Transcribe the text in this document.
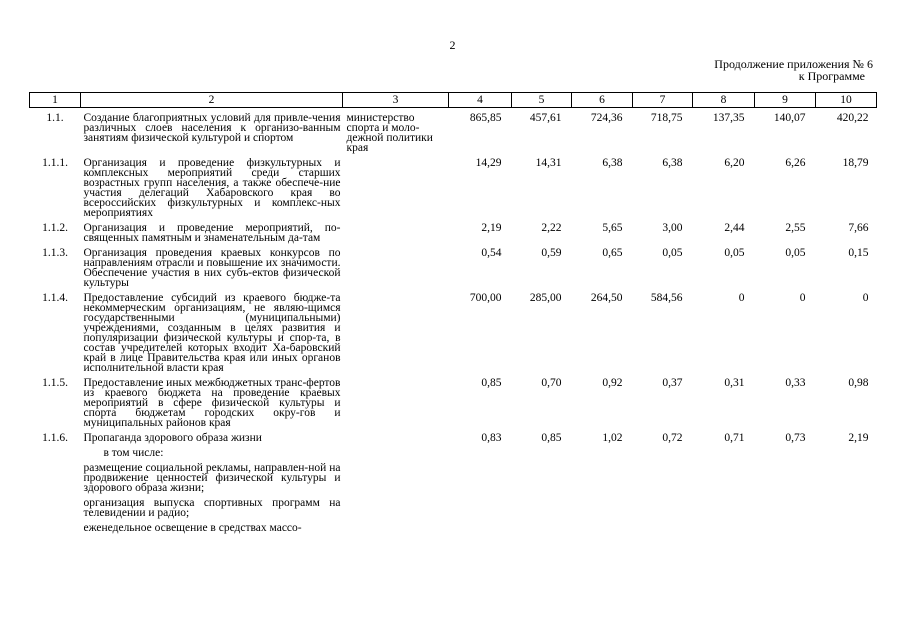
2
Продолжение приложения № 6
к Программе
1	2	3	4	5	6	7	8	9	10
1.1.	Создание благоприятных условий для привле-чения различных слоев населения к организо-ванным занятиям физической культурой и спортом	министерство спорта и моло-дежной политики края	865,85	457,61	724,36	718,75	137,35	140,07	420,22
1.1.1.	Организация и проведение физкультурных и комплексных мероприятий среди старших возрастных групп населения, а также обеспече-ние участия делегаций Хабаровского края во всероссийских физкультурных и комплекс-ных мероприятиях		14,29	14,31	6,38	6,38	6,20	6,26	18,79
1.1.2.	Организация и проведение мероприятий, по-священных памятным и знаменательным да-там		2,19	2,22	5,65	3,00	2,44	2,55	7,66
1.1.3.	Организация проведения краевых конкурсов по направлениям отрасли и повышение их значимости. Обеспечение участия в них субъ-ектов физической культуры		0,54	0,59	0,65	0,05	0,05	0,05	0,15
1.1.4.	Предоставление субсидий из краевого бюдже-та некоммерческим организациям, не являю-щимся государственными (муниципальными) учреждениями, созданным в целях развития и популяризации физической культуры и спор-та, в состав учредителей которых входит Ха-баровский край в лице Правительства края или иных органов исполнительной власти края		700,00	285,00	264,50	584,56	0	0	0
1.1.5.	Предоставление иных межбюджетных транс-фертов из краевого бюджета на проведение краевых мероприятий в сфере физической культуры и спорта бюджетам городских окру-гов и муниципальных районов края		0,85	0,70	0,92	0,37	0,31	0,33	0,98
1.1.6.	Пропаганда здорового образа жизни		0,83	0,85	1,02	0,72	0,71	0,73	2,19
	в том числе:								
	размещение социальной рекламы, направлен-ной на продвижение ценностей физической культуры и здорового образа жизни;								
	организация выпуска спортивных программ на телевидении и радио;								
	еженедельное освещение в средствах массо-								
